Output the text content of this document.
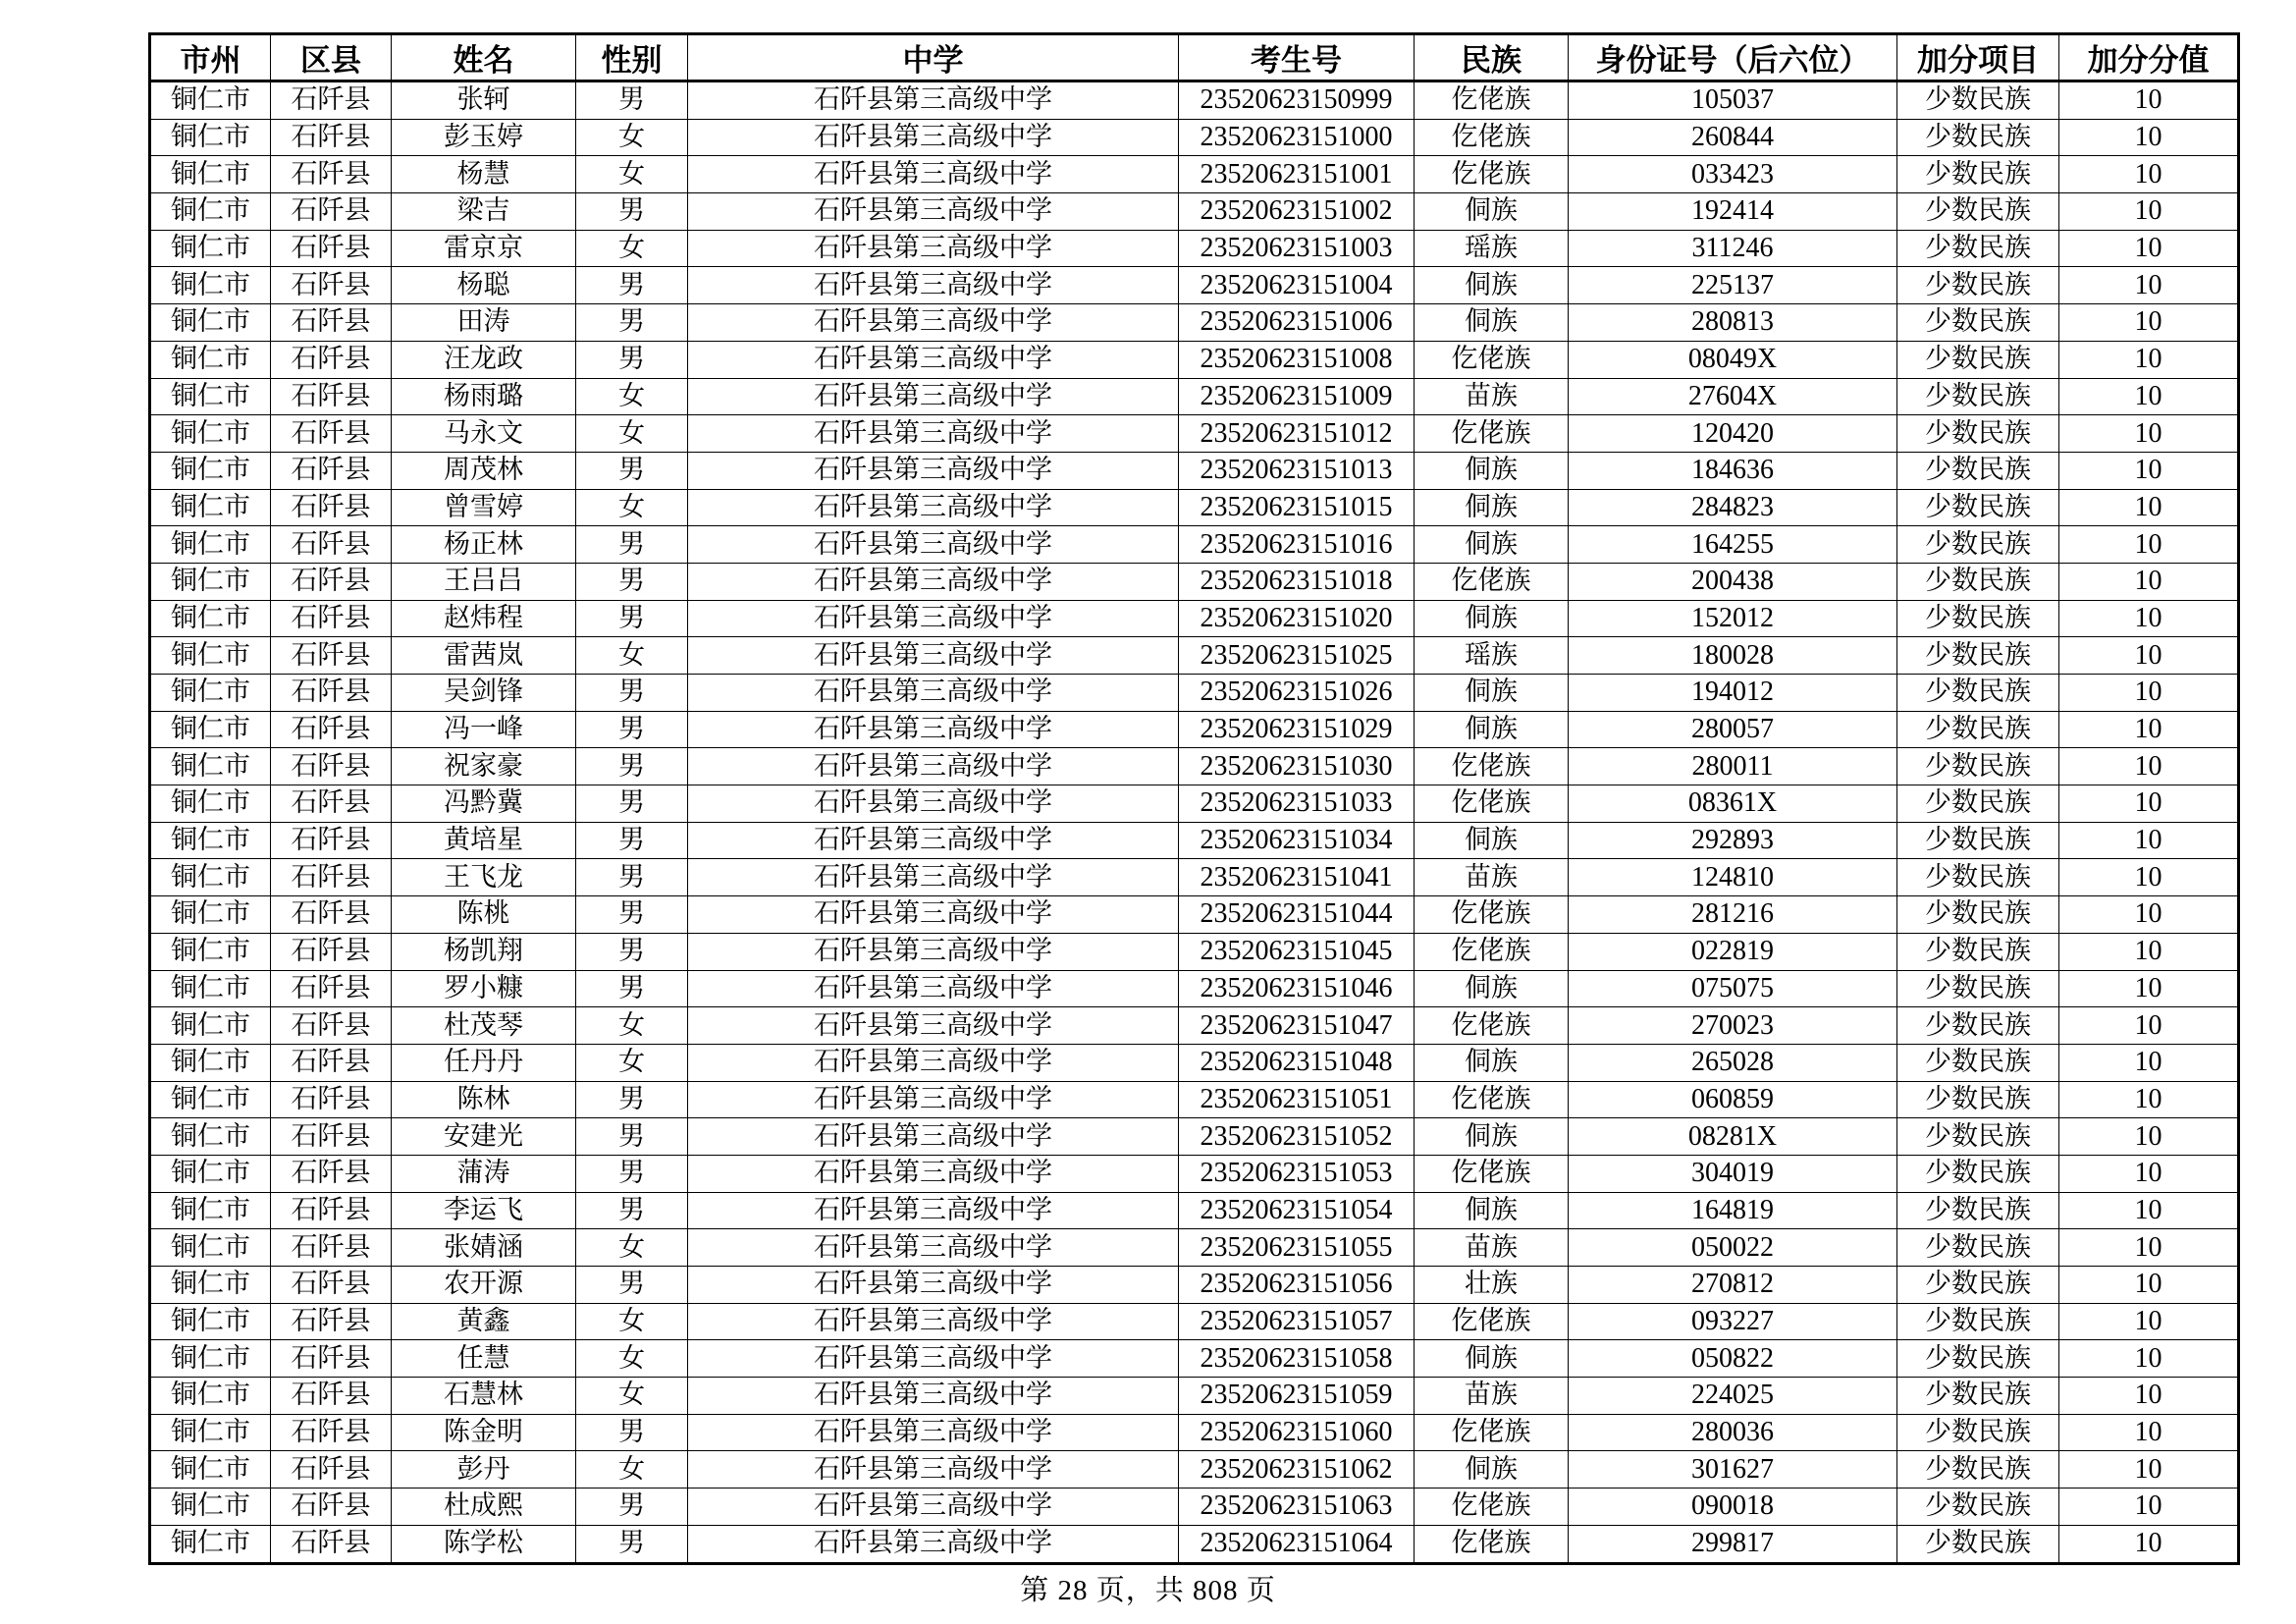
市州	区县	姓名	性别	中学	考生号	民族	身份证号（后六位）	加分项目	加分分值
铜仁市	石阡县	张轲	男	石阡县第三高级中学	23520623150999	仡佬族	105037	少数民族	10
铜仁市	石阡县	彭玉婷	女	石阡县第三高级中学	23520623151000	仡佬族	260844	少数民族	10
铜仁市	石阡县	杨慧	女	石阡县第三高级中学	23520623151001	仡佬族	033423	少数民族	10
铜仁市	石阡县	梁吉	男	石阡县第三高级中学	23520623151002	侗族	192414	少数民族	10
铜仁市	石阡县	雷京京	女	石阡县第三高级中学	23520623151003	瑶族	311246	少数民族	10
铜仁市	石阡县	杨聪	男	石阡县第三高级中学	23520623151004	侗族	225137	少数民族	10
铜仁市	石阡县	田涛	男	石阡县第三高级中学	23520623151006	侗族	280813	少数民族	10
铜仁市	石阡县	汪龙政	男	石阡县第三高级中学	23520623151008	仡佬族	08049X	少数民族	10
铜仁市	石阡县	杨雨璐	女	石阡县第三高级中学	23520623151009	苗族	27604X	少数民族	10
铜仁市	石阡县	马永文	女	石阡县第三高级中学	23520623151012	仡佬族	120420	少数民族	10
铜仁市	石阡县	周茂林	男	石阡县第三高级中学	23520623151013	侗族	184636	少数民族	10
铜仁市	石阡县	曾雪婷	女	石阡县第三高级中学	23520623151015	侗族	284823	少数民族	10
铜仁市	石阡县	杨正林	男	石阡县第三高级中学	23520623151016	侗族	164255	少数民族	10
铜仁市	石阡县	王吕吕	男	石阡县第三高级中学	23520623151018	仡佬族	200438	少数民族	10
铜仁市	石阡县	赵炜程	男	石阡县第三高级中学	23520623151020	侗族	152012	少数民族	10
铜仁市	石阡县	雷茜岚	女	石阡县第三高级中学	23520623151025	瑶族	180028	少数民族	10
铜仁市	石阡县	吴剑锋	男	石阡县第三高级中学	23520623151026	侗族	194012	少数民族	10
铜仁市	石阡县	冯一峰	男	石阡县第三高级中学	23520623151029	侗族	280057	少数民族	10
铜仁市	石阡县	祝家豪	男	石阡县第三高级中学	23520623151030	仡佬族	280011	少数民族	10
铜仁市	石阡县	冯黔冀	男	石阡县第三高级中学	23520623151033	仡佬族	08361X	少数民族	10
铜仁市	石阡县	黄培星	男	石阡县第三高级中学	23520623151034	侗族	292893	少数民族	10
铜仁市	石阡县	王飞龙	男	石阡县第三高级中学	23520623151041	苗族	124810	少数民族	10
铜仁市	石阡县	陈桃	男	石阡县第三高级中学	23520623151044	仡佬族	281216	少数民族	10
铜仁市	石阡县	杨凯翔	男	石阡县第三高级中学	23520623151045	仡佬族	022819	少数民族	10
铜仁市	石阡县	罗小糠	男	石阡县第三高级中学	23520623151046	侗族	075075	少数民族	10
铜仁市	石阡县	杜茂琴	女	石阡县第三高级中学	23520623151047	仡佬族	270023	少数民族	10
铜仁市	石阡县	任丹丹	女	石阡县第三高级中学	23520623151048	侗族	265028	少数民族	10
铜仁市	石阡县	陈林	男	石阡县第三高级中学	23520623151051	仡佬族	060859	少数民族	10
铜仁市	石阡县	安建光	男	石阡县第三高级中学	23520623151052	侗族	08281X	少数民族	10
铜仁市	石阡县	蒲涛	男	石阡县第三高级中学	23520623151053	仡佬族	304019	少数民族	10
铜仁市	石阡县	李运飞	男	石阡县第三高级中学	23520623151054	侗族	164819	少数民族	10
铜仁市	石阡县	张婧涵	女	石阡县第三高级中学	23520623151055	苗族	050022	少数民族	10
铜仁市	石阡县	农开源	男	石阡县第三高级中学	23520623151056	壮族	270812	少数民族	10
铜仁市	石阡县	黄鑫	女	石阡县第三高级中学	23520623151057	仡佬族	093227	少数民族	10
铜仁市	石阡县	任慧	女	石阡县第三高级中学	23520623151058	侗族	050822	少数民族	10
铜仁市	石阡县	石慧林	女	石阡县第三高级中学	23520623151059	苗族	224025	少数民族	10
铜仁市	石阡县	陈金明	男	石阡县第三高级中学	23520623151060	仡佬族	280036	少数民族	10
铜仁市	石阡县	彭丹	女	石阡县第三高级中学	23520623151062	侗族	301627	少数民族	10
铜仁市	石阡县	杜成熙	男	石阡县第三高级中学	23520623151063	仡佬族	090018	少数民族	10
铜仁市	石阡县	陈学松	男	石阡县第三高级中学	23520623151064	仡佬族	299817	少数民族	10
第 28 页，共 808 页
